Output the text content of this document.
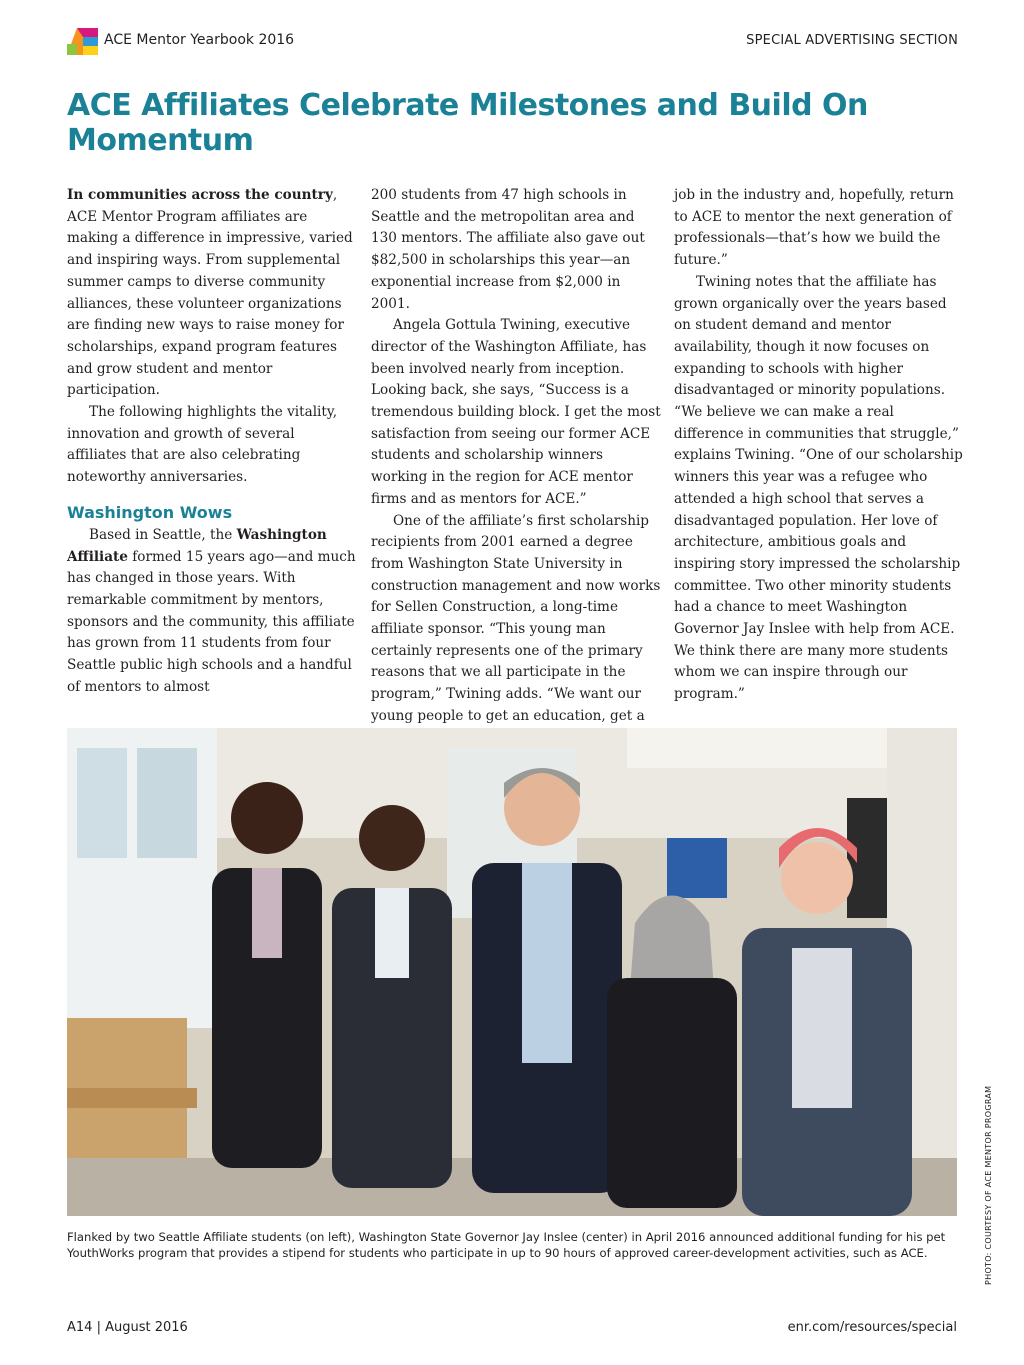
ACE Mentor Yearbook 2016	SPECIAL ADVERTISING SECTION
ACE Affiliates Celebrate Milestones and Build On Momentum

In communities across the country, ACE Mentor Program affiliates are making a difference in impressive, varied and inspiring ways. From supplemental summer camps to diverse community alliances, these volunteer organizations are finding new ways to raise money for scholarships, expand program features and grow student and mentor participation.

The following highlights the vitality, innovation and growth of several affiliates that are also celebrating noteworthy anniversaries.

Washington Wows

Based in Seattle, the Washington Affiliate formed 15 years ago—and much has changed in those years. With remarkable commitment by mentors, sponsors and the community, this affiliate has grown from 11 students from four Seattle public high schools and a handful of mentors to almost

200 students from 47 high schools in Seattle and the metropolitan area and 130 mentors. The affiliate also gave out $82,500 in scholarships this year—an exponential increase from $2,000 in 2001.

Angela Gottula Twining, executive director of the Washington Affiliate, has been involved nearly from inception. Looking back, she says, “Success is a tremendous building block. I get the most satisfaction from seeing our former ACE students and scholarship winners working in the region for ACE mentor firms and as mentors for ACE.”

One of the affiliate’s first scholarship recipients from 2001 earned a degree from Washington State University in construction management and now works for Sellen Construction, a long-time affiliate sponsor. “This young man certainly represents one of the primary reasons that we all participate in the program,” Twining adds. “We want our young people to get an education, get a

job in the industry and, hopefully, return to ACE to mentor the next generation of professionals—that’s how we build the future.”

Twining notes that the affiliate has grown organically over the years based on student demand and mentor availability, though it now focuses on expanding to schools with higher disadvantaged or minority populations. “We believe we can make a real difference in communities that struggle,” explains Twining. “One of our scholarship winners this year was a refugee who attended a high school that serves a disadvantaged population. Her love of architecture, ambitious goals and inspiring story impressed the scholarship committee. Two other minority students had a chance to meet Washington Governor Jay Inslee with help from ACE. We think there are many more students whom we can inspire through our program.”

PHOTO: COURTESY OF ACE MENTOR PROGRAM

Flanked by two Seattle Affiliate students (on left), Washington State Governor Jay Inslee (center) in April 2016 announced additional funding for his pet YouthWorks program that provides a stipend for students who participate in up to 90 hours of approved career-development activities, such as ACE.

A14 | August 2016	enr.com/resources/special
